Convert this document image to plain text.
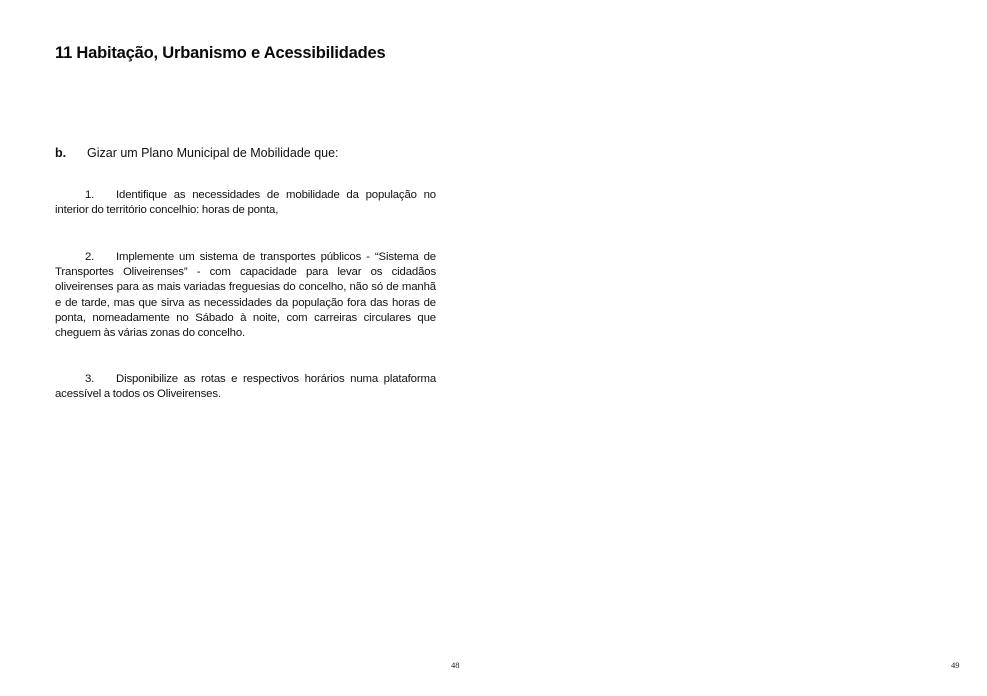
11 Habitação, Urbanismo e Acessibilidades
b. Gizar um Plano Municipal de Mobilidade que:

1. Identifique as necessidades de mobilidade da população no interior do território concelhio: horas de ponta,

2. Implemente um sistema de transportes públicos - “Sistema de Transportes Oliveirenses” - com capacidade para levar os cidadãos oliveirenses para as mais variadas freguesias do concelho, não só de manhã e de tarde, mas que sirva as necessidades da população fora das horas de ponta, nomeadamente no Sábado à noite, com carreiras circulares que cheguem às várias zonas do concelho.

3. Disponibilize as rotas e respectivos horários numa plataforma acessível a todos os Oliveirenses.

48	49
